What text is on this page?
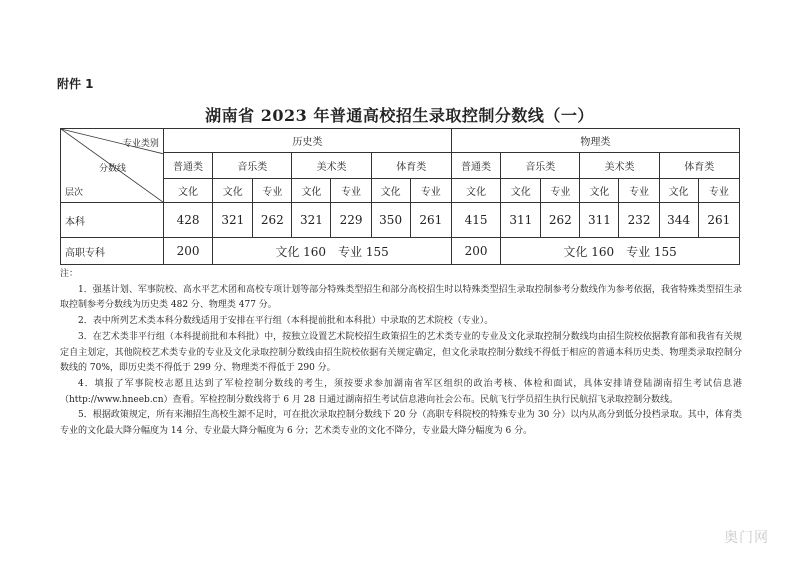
附件 1
湖南省 2023 年普通高校招生录取控制分数线（一）
专业类别
分数线
层次	历史类							物理类						
	普通类	音乐类		美术类		体育类		普通类	音乐类		美术类		体育类	
	文化	文化	专业	文化	专业	文化	专业	文化	文化	专业	文化	专业	文化	专业
本科	428	321	262	321	229	350	261	415	311	262	311	232	344	261
高职专科	200	文化 160　专业 155						200	文化 160　专业 155					

注：

1．强基计划、军事院校、高水平艺术团和高校专项计划等部分特殊类型招生和部分高校招生时以特殊类型招生录取控制参考分数线作为参考依据，我省特殊类型招生录取控制参考分数线为历史类 482 分、物理类 477 分。

2．表中所列艺术类本科分数线适用于安排在平行组（本科提前批和本科批）中录取的艺术院校（专业）。

3．在艺术类非平行组（本科提前批和本科批）中，按独立设置艺术院校招生政策招生的艺术类专业的专业及文化录取控制分数线均由招生院校依据教育部和我省有关规定自主划定，其他院校艺术类专业的专业及文化录取控制分数线由招生院校依据有关规定确定，但文化录取控制分数线不得低于相应的普通本科历史类、物理类录取控制分数线的 70%，即历史类不得低于 299 分、物理类不得低于 290 分。

4．填报了军事院校志愿且达到了军检控制分数线的考生，须按要求参加湖南省军区组织的政治考核、体检和面试，具体安排请登陆湖南招生考试信息港（http://www.hneeb.cn）查看。军检控制分数线将于 6 月 28 日通过湖南招生考试信息港向社会公布。民航飞行学员招生执行民航招飞录取控制分数线。

5．根据政策规定，所有来湘招生高校生源不足时，可在批次录取控制分数线下 20 分（高职专科院校的特殊专业为 30 分）以内从高分到低分投档录取。其中，体育类专业的文化最大降分幅度为 14 分、专业最大降分幅度为 6 分；艺术类专业的文化不降分，专业最大降分幅度为 6 分。

奥门网
